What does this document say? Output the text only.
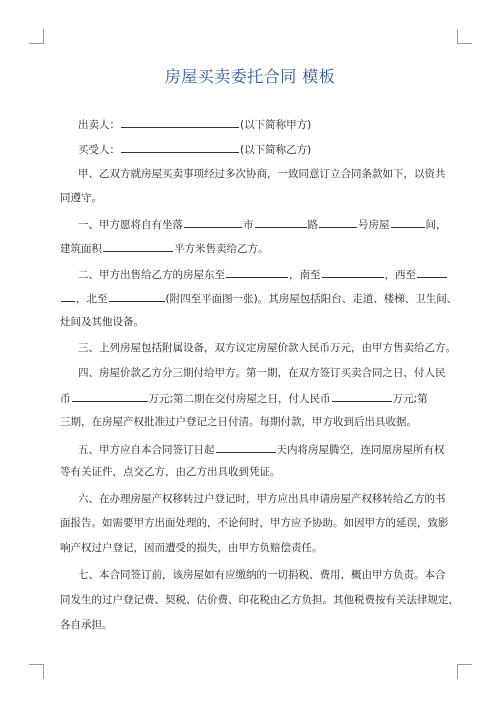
房屋买卖委托合同 模板
出卖人：	(以下简称甲方)
买受人：	(以下简称乙方)
甲、乙双方就房屋买卖事项经过多次协商，一致同意订立合同条款如下，以资共
同遵守。
一、甲方愿将自有坐落	市	路	号房屋	间，
建筑面积	平方米售卖给乙方。
二、甲方出售给乙方的房屋东至	，南至	，西至
，北至	(附四至平面图一张)。其房屋包括阳台、走道、楼梯、卫生间、
灶间及其他设备。
三、上列房屋包括附属设备，双方议定房屋价款人民币万元，由甲方售卖给乙方。
四、房屋价款乙方分三期付给甲方。第一期，在双方签订买卖合同之日，付人民
币	万元;第二期在交付房屋之日，付人民币	万元;第
三期，在房屋产权批准过户登记之日付清。每期付款，甲方收到后出具收据。
五、甲方应自本合同签订日起	天内将房屋腾空，连同原房屋所有权
等有关证件，点交乙方，由乙方出具收到凭证。
六、在办理房屋产权移转过户登记时，甲方应出具申请房屋产权移转给乙方的书
面报告。如需要甲方出面处理的，不论何时，甲方应予协助。如因甲方的延误，致影
响产权过户登记，因而遭受的损失，由甲方负赔偿责任。
七、本合同签订前，该房屋如有应缴纳的一切捐税、费用，概由甲方负责。本合
同发生的过户登记费、契税、估价费、印花税由乙方负担。其他税费按有关法律规定，
各自承担。
